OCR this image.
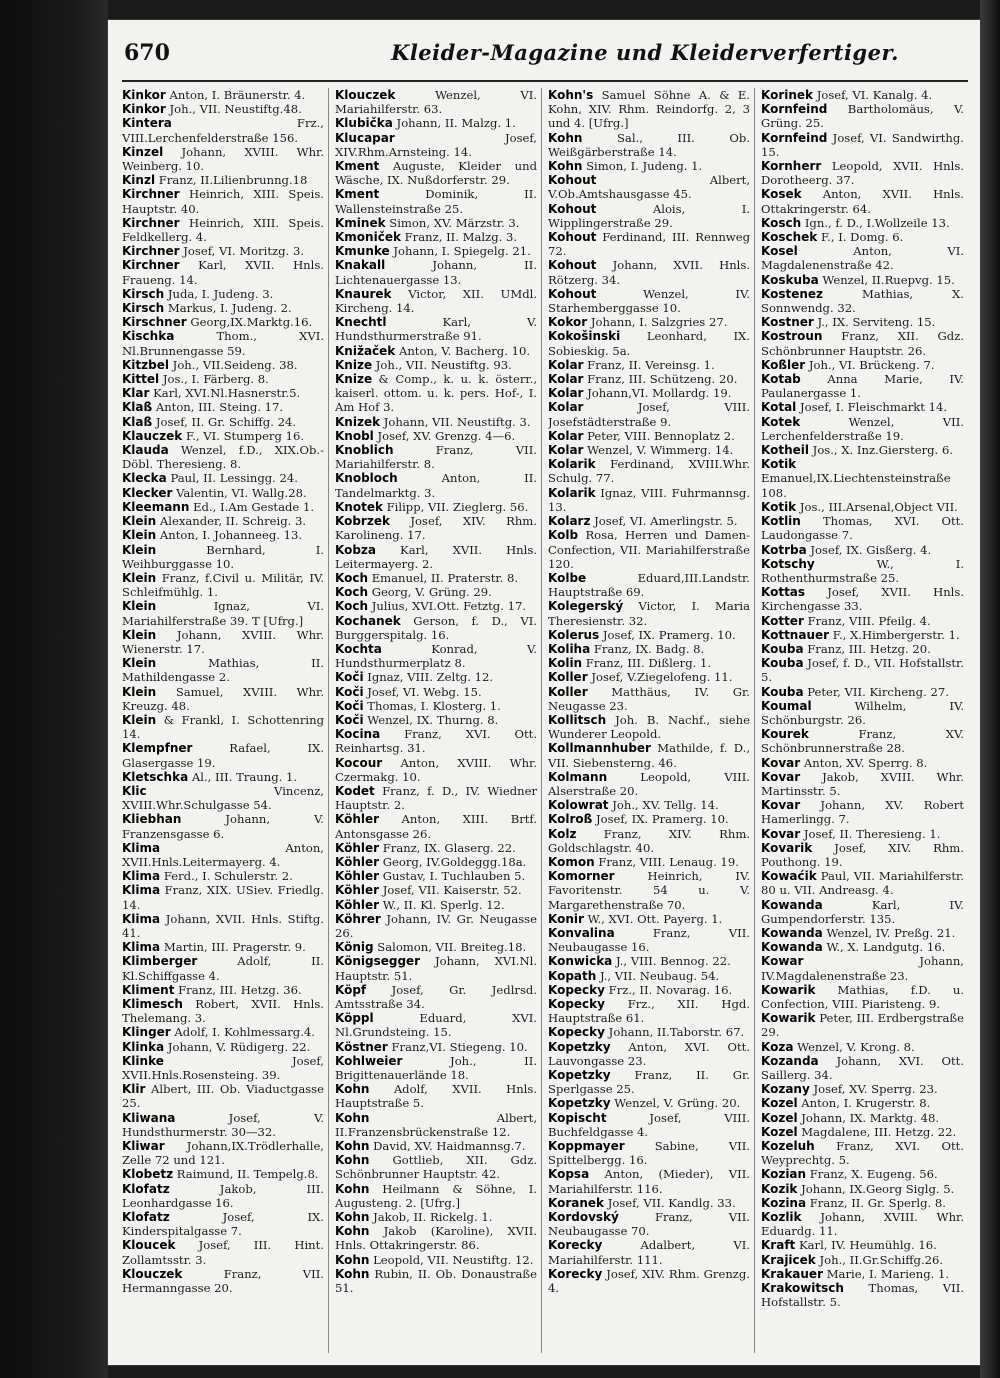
670	Kleider-Magazine und Kleiderverfertiger.
Kinkor Anton, I. Bräunerstr. 4.
Kinkor Joh., VII. Neustiftg.48.
Kintera	Frz., VIII.Lerchenfelderstraße 156.
Kinzel Johann, XVIII. Whr. Weinberg. 10.
Kinzl Franz, II.Lilienbrunng.18
Kirchner Heinrich, XIII. Speis. Hauptstr. 40.
Kirchner Heinrich, XIII. Speis. Feldkellerg. 4.
Kirchner Josef, VI. Moritzg. 3.
Kirchner Karl, XVII. Hnls. Fraueng. 14.
Kirsch Juda, I. Judeng. 3.
Kirsch Markus, I. Judeng. 2.
Kirschner Georg,IX.Marktg.16.
Kischka	Thom., XVI. Nl.Brunnengasse 59.
Kitzbel Joh., VII.Seideng. 38.
Kittel Jos., I. Färberg. 8.
Klar Karl, XVI.Nl.Hasnerstr.5.
Klaß Anton, III. Steing. 17.
Klaß Josef, II. Gr. Schiffg. 24.
Klauczek F., VI. Stumperg 16.
Klauda Wenzel, f.D., XIX.Ob.-Döbl. Theresieng. 8.
Klecka Paul, II. Lessingg. 24.
Klecker Valentin, VI. Wallg.28.
Kleemann Ed., I.Am Gestade 1.
Klein Alexander, II. Schreig. 3.
Klein Anton, I. Johanneeg. 13.
Klein	Bernhard, I. Weihburggasse 10.
Klein Franz, f.Civil u. Militär, IV. Schleifmühlg. 1.
Klein	Ignaz, VI. Mariahilferstraße 39. T [Ufrg.]
Klein Johann, XVIII. Whr. Wienerstr. 17.
Klein	Mathias, II. Mathildengasse 2.
Klein Samuel, XVIII. Whr. Kreuzg. 48.
Klein & Frankl, I. Schottenring 14.
Klempfner	Rafael, IX. Glasergasse 19.
Kletschka Al., III. Traung. 1.
Klic	Vincenz, XVIII.Whr.Schulgasse 54.
Kliebhan	Johann, V. Franzensgasse 6.
Klima	Anton, XVII.Hnls.Leitermayerg. 4.
Klima Ferd., I. Schulerstr. 2.
Klima Franz, XIX. USiev. Friedlg. 14.
Klima Johann, XVII. Hnls. Stiftg. 41.
Klima Martin, III. Pragerstr. 9.
Klimberger	Adolf, II. Kl.Schiffgasse 4.
Kliment Franz, III. Hetzg. 36.
Klimesch Robert, XVII. Hnls. Thelemang. 3.
Klinger Adolf, I. Kohlmessarg.4.
Klinka Johann, V. Rüdigerg. 22.
Klinke	Josef, XVII.Hnls.Rosensteing. 39.
Klir Albert, III. Ob. Viaductgasse 25.
Kliwana	Josef, V. Hundsthurmerstr. 30—32.
Kliwar Johann,IX.Trödlerhalle, Zelle 72 und 121.
Klobetz Raimund, II. Tempelg.8.
Klofatz	Jakob, III. Leonhardgasse 16.
Klofatz	Josef, IX. Kinderspitalgasse 7.
Kloucek Josef, III. Hint. Zollamtsstr. 3.
Klouczek	Franz, VII. Hermanngasse 20.
Klouczek	Wenzel, VI. Mariahilferstr. 63.
Klubička Johann, II. Malzg. 1.
Klucapar	Josef, XIV.Rhm.Arnsteing. 14.
Kment Auguste, Kleider und Wäsche, IX. Nußdorferstr. 29.
Kment	Dominik, II. Wallensteinstraße 25.
Kminek Simon, XV. Märzstr. 3.
Kmoniček Franz, II. Malzg. 3.
Kmunke Johann, I. Spiegelg. 21.
Knakall	Johann, II. Lichtenauergasse 13.
Knaurek Victor, XII. UMdl. Kircheng. 14.
Knechtl	Karl, V. Hundsthurmerstraße 91.
Knižaček Anton, V. Bacherg. 10.
Knize Joh., VII. Neustiftg. 93.
Knize & Comp., k. u. k. österr., kaiserl. ottom. u. k. pers. Hof-, I. Am Hof 3.
Knizek Johann, VII. Neustiftg. 3.
Knobl Josef, XV. Grenzg. 4—6.
Knoblich	Franz, VII. Mariahilferstr. 8.
Knobloch	Anton, II. Tandelmarktg. 3.
Knotek Filipp, VII. Zieglerg. 56.
Kobrzek Josef, XIV. Rhm. Karolineng. 17.
Kobza Karl, XVII. Hnls. Leitermayerg. 2.
Koch Emanuel, II. Praterstr. 8.
Koch Georg, V. Grüng. 29.
Koch Julius, XVI.Ott. Fetztg. 17.
Kochanek Gerson, f. D., VI. Burggerspitalg. 16.
Kochta	Konrad, V. Hundsthurmerplatz 8.
Koči Ignaz, VIII. Zeltg. 12.
Koči Josef, VI. Webg. 15.
Koči Thomas, I. Klosterg. 1.
Koči Wenzel, IX. Thurng. 8.
Kocina Franz, XVI. Ott. Reinhartsg. 31.
Kocour Anton, XVIII. Whr. Czermakg. 10.
Kodet Franz, f. D., IV. Wiedner Hauptstr. 2.
Köhler Anton, XIII. Brtf. Antonsgasse 26.
Köhler Franz, IX. Glaserg. 22.
Köhler Georg, IV.Goldeggg.18a.
Köhler Gustav, I. Tuchlauben 5.
Köhler Josef, VII. Kaiserstr. 52.
Köhler W., II. Kl. Sperlg. 12.
Köhrer Johann, IV. Gr. Neugasse 26.
König Salomon, VII. Breiteg.18.
Königsegger Johann, XVI.Nl. Hauptstr. 51.
Köpf Josef, Gr. Jedlrsd. Amtsstraße 34.
Köppl	Eduard, XVI. Nl.Grundsteing. 15.
Köstner Franz,VI. Stiegeng. 10.
Kohlweier	Joh., II. Brigittenauerlände 18.
Kohn Adolf, XVII. Hnls. Hauptstraße 5.
Kohn	Albert, II.Franzensbrückenstraße 12.
Kohn David, XV. Haidmannsg.7.
Kohn Gottlieb, XII. Gdz. Schönbrunner Hauptstr. 42.
Kohn Heilmann & Söhne, I. Augusteng. 2. [Ufrg.]
Kohn Jakob, II. Rickelg. 1.
Kohn Jakob (Karoline), XVII. Hnls. Ottakringerstr. 86.
Kohn Leopold, VII. Neustiftg. 12.
Kohn Rubin, II. Ob. Donaustraße 51.
Kohn's Samuel Söhne A. & E. Kohn, XIV. Rhm. Reindorfg. 2, 3 und 4. [Ufrg.]
Kohn	Sal., III. Ob. Weißgärberstraße 14.
Kohn Simon, I. Judeng. 1.
Kohout	Albert, V.Ob.Amtshausgasse 45.
Kohout	Alois, I. Wipplingerstraße 29.
Kohout Ferdinand, III. Rennweg 72.
Kohout Johann, XVII. Hnls. Rötzerg. 34.
Kohout	Wenzel, IV. Starhemberggasse 10.
Kokor Johann, I. Salzgries 27.
Kokošinski Leonhard, IX. Sobieskig. 5a.
Kolar Franz, II. Vereinsg. 1.
Kolar Franz, III. Schützeng. 20.
Kolar Johann,VI. Mollardg. 19.
Kolar	Josef, VIII. Josefstädterstraße 9.
Kolar Peter, VIII. Bennoplatz 2.
Kolar Wenzel, V. Wimmerg. 14.
Kolarik Ferdinand, XVIII.Whr. Schulg. 77.
Kolarik Ignaz, VIII. Fuhrmannsg. 13.
Kolarz Josef, VI. Amerlingstr. 5.
Kolb Rosa, Herren und Damen-Confection, VII. Mariahilferstraße 120.
Kolbe	Eduard,III.Landstr. Hauptstraße 69.
Kolegerský Victor, I. Maria Theresienstr. 32.
Kolerus Josef, IX. Pramerg. 10.
Koliha Franz, IX. Badg. 8.
Kolin Franz, III. Dißlerg. 1.
Koller Josef, V.Ziegelofeng. 11.
Koller Matthäus, IV. Gr. Neugasse 23.
Kollitsch Joh. B. Nachf., siehe Wunderer Leopold.
Kollmannhuber Mathilde, f. D., VII. Siebensterng. 46.
Kolmann	Leopold, VIII. Alserstraße 20.
Kolowrat Joh., XV. Tellg. 14.
Kolroß Josef, IX. Pramerg. 10.
Kolz Franz, XIV. Rhm. Goldschlagstr. 40.
Komon Franz, VIII. Lenaug. 19.
Komorner	Heinrich, IV. Favoritenstr. 54 u. V. Margarethenstraße 70.
Konir W., XVI. Ott. Payerg. 1.
Konvalina	Franz, VII. Neubaugasse 16.
Konwicka J., VIII. Bennog. 22.
Kopath J., VII. Neubaug. 54.
Kopecky Frz., II. Novarag. 16.
Kopecky Frz., XII. Hgd. Hauptstraße 61.
Kopecky Johann, II.Taborstr. 67.
Kopetzky Anton, XVI. Ott. Lauvongasse 23.
Kopetzky Franz, II. Gr. Sperlgasse 25.
Kopetzky Wenzel, V. Grüng. 20.
Kopischt	Josef, VIII. Buchfeldgasse 4.
Koppmayer	Sabine, VII. Spittelbergg. 16.
Kopsa Anton, (Mieder), VII. Mariahilferstr. 116.
Koranek Josef, VII. Kandlg. 33.
Kordovský	Franz, VII. Neubaugasse 70.
Korecky	Adalbert, VI. Mariahilferstr. 111.
Korecky Josef, XIV. Rhm. Grenzg. 4.
Korinek Josef, VI. Kanalg. 4.
Kornfeind Bartholomäus, V. Grüng. 25.
Kornfeind Josef, VI. Sandwirthg. 15.
Kornherr Leopold, XVII. Hnls. Dorotheerg. 37.
Kosek Anton, XVII. Hnls. Ottakringerstr. 64.
Kosch Ign., f. D., I.Wollzeile 13.
Koschek F., I. Domg. 6.
Kosel	Anton, VI. Magdalenenstraße 42.
Koskuba Wenzel, II.Ruepvg. 15.
Kostenez	Mathias, X. Sonnwendg. 32.
Kostner J., IX. Serviteng. 15.
Kostroun Franz, XII. Gdz. Schönbrunner Hauptstr. 26.
Koßler Joh., VI. Brückeng. 7.
Kotab Anna Marie, IV. Paulanergasse 1.
Kotal Josef, I. Fleischmarkt 14.
Kotek	Wenzel, VII. Lerchenfelderstraße 19.
Kotheil Jos., X. Inz.Giersterg. 6.
Kotik Emanuel,IX.Liechtensteinstraße 108.
Kotik Jos., III.Arsenal,Object VII.
Kotlin Thomas, XVI. Ott. Laudongasse 7.
Kotrba Josef, IX. Gisßerg. 4.
Kotschy	W., I. Rothenthurmstraße 25.
Kottas Josef, XVII. Hnls. Kirchengasse 33.
Kotter Franz, VIII. Pfeilg. 4.
Kottnauer F., X.Himbergerstr. 1.
Kouba Franz, III. Hetzg. 20.
Kouba Josef, f. D., VII. Hofstallstr. 5.
Kouba Peter, VII. Kircheng. 27.
Koumal	Wilhelm, IV. Schönburgstr. 26.
Kourek	Franz, XV. Schönbrunnerstraße 28.
Kovar Anton, XV. Sperrg. 8.
Kovar Jakob, XVIII. Whr. Martinsstr. 5.
Kovar Johann, XV. Robert Hamerlingg. 7.
Kovar Josef, II. Theresieng. 1.
Kovarik Josef, XIV. Rhm. Pouthong. 19.
Kowaćik Paul, VII. Mariahilferstr. 80 u. VII. Andreasg. 4.
Kowanda	Karl, IV. Gumpendorferstr. 135.
Kowanda Wenzel, IV. Preßg. 21.
Kowanda W., X. Landgutg. 16.
Kowar	Johann, IV.Magdalenenstraße 23.
Kowarik Mathias, f.D. u. Confection, VIII. Piaristeng. 9.
Kowarik Peter, III. Erdbergstraße 29.
Koza Wenzel, V. Krong. 8.
Kozanda Johann, XVI. Ott. Saillerg. 34.
Kozany Josef, XV. Sperrg. 23.
Kozel Anton, I. Krugerstr. 8.
Kozel Johann, IX. Marktg. 48.
Kozel Magdalene, III. Hetzg. 22.
Kozeluh Franz, XVI. Ott. Weyprechtg. 5.
Kozian Franz, X. Eugeng. 56.
Kozik Johann, IX.Georg Siglg. 5.
Kozina Franz, II. Gr. Sperlg. 8.
Kozlik Johann, XVIII. Whr. Eduardg. 11.
Kraft Karl, IV. Heumühlg. 16.
Krajicek Joh., II.Gr.Schiffg.26.
Krakauer Marie, I. Marieng. 1.
Krakowitsch Thomas, VII. Hofstallstr. 5.
